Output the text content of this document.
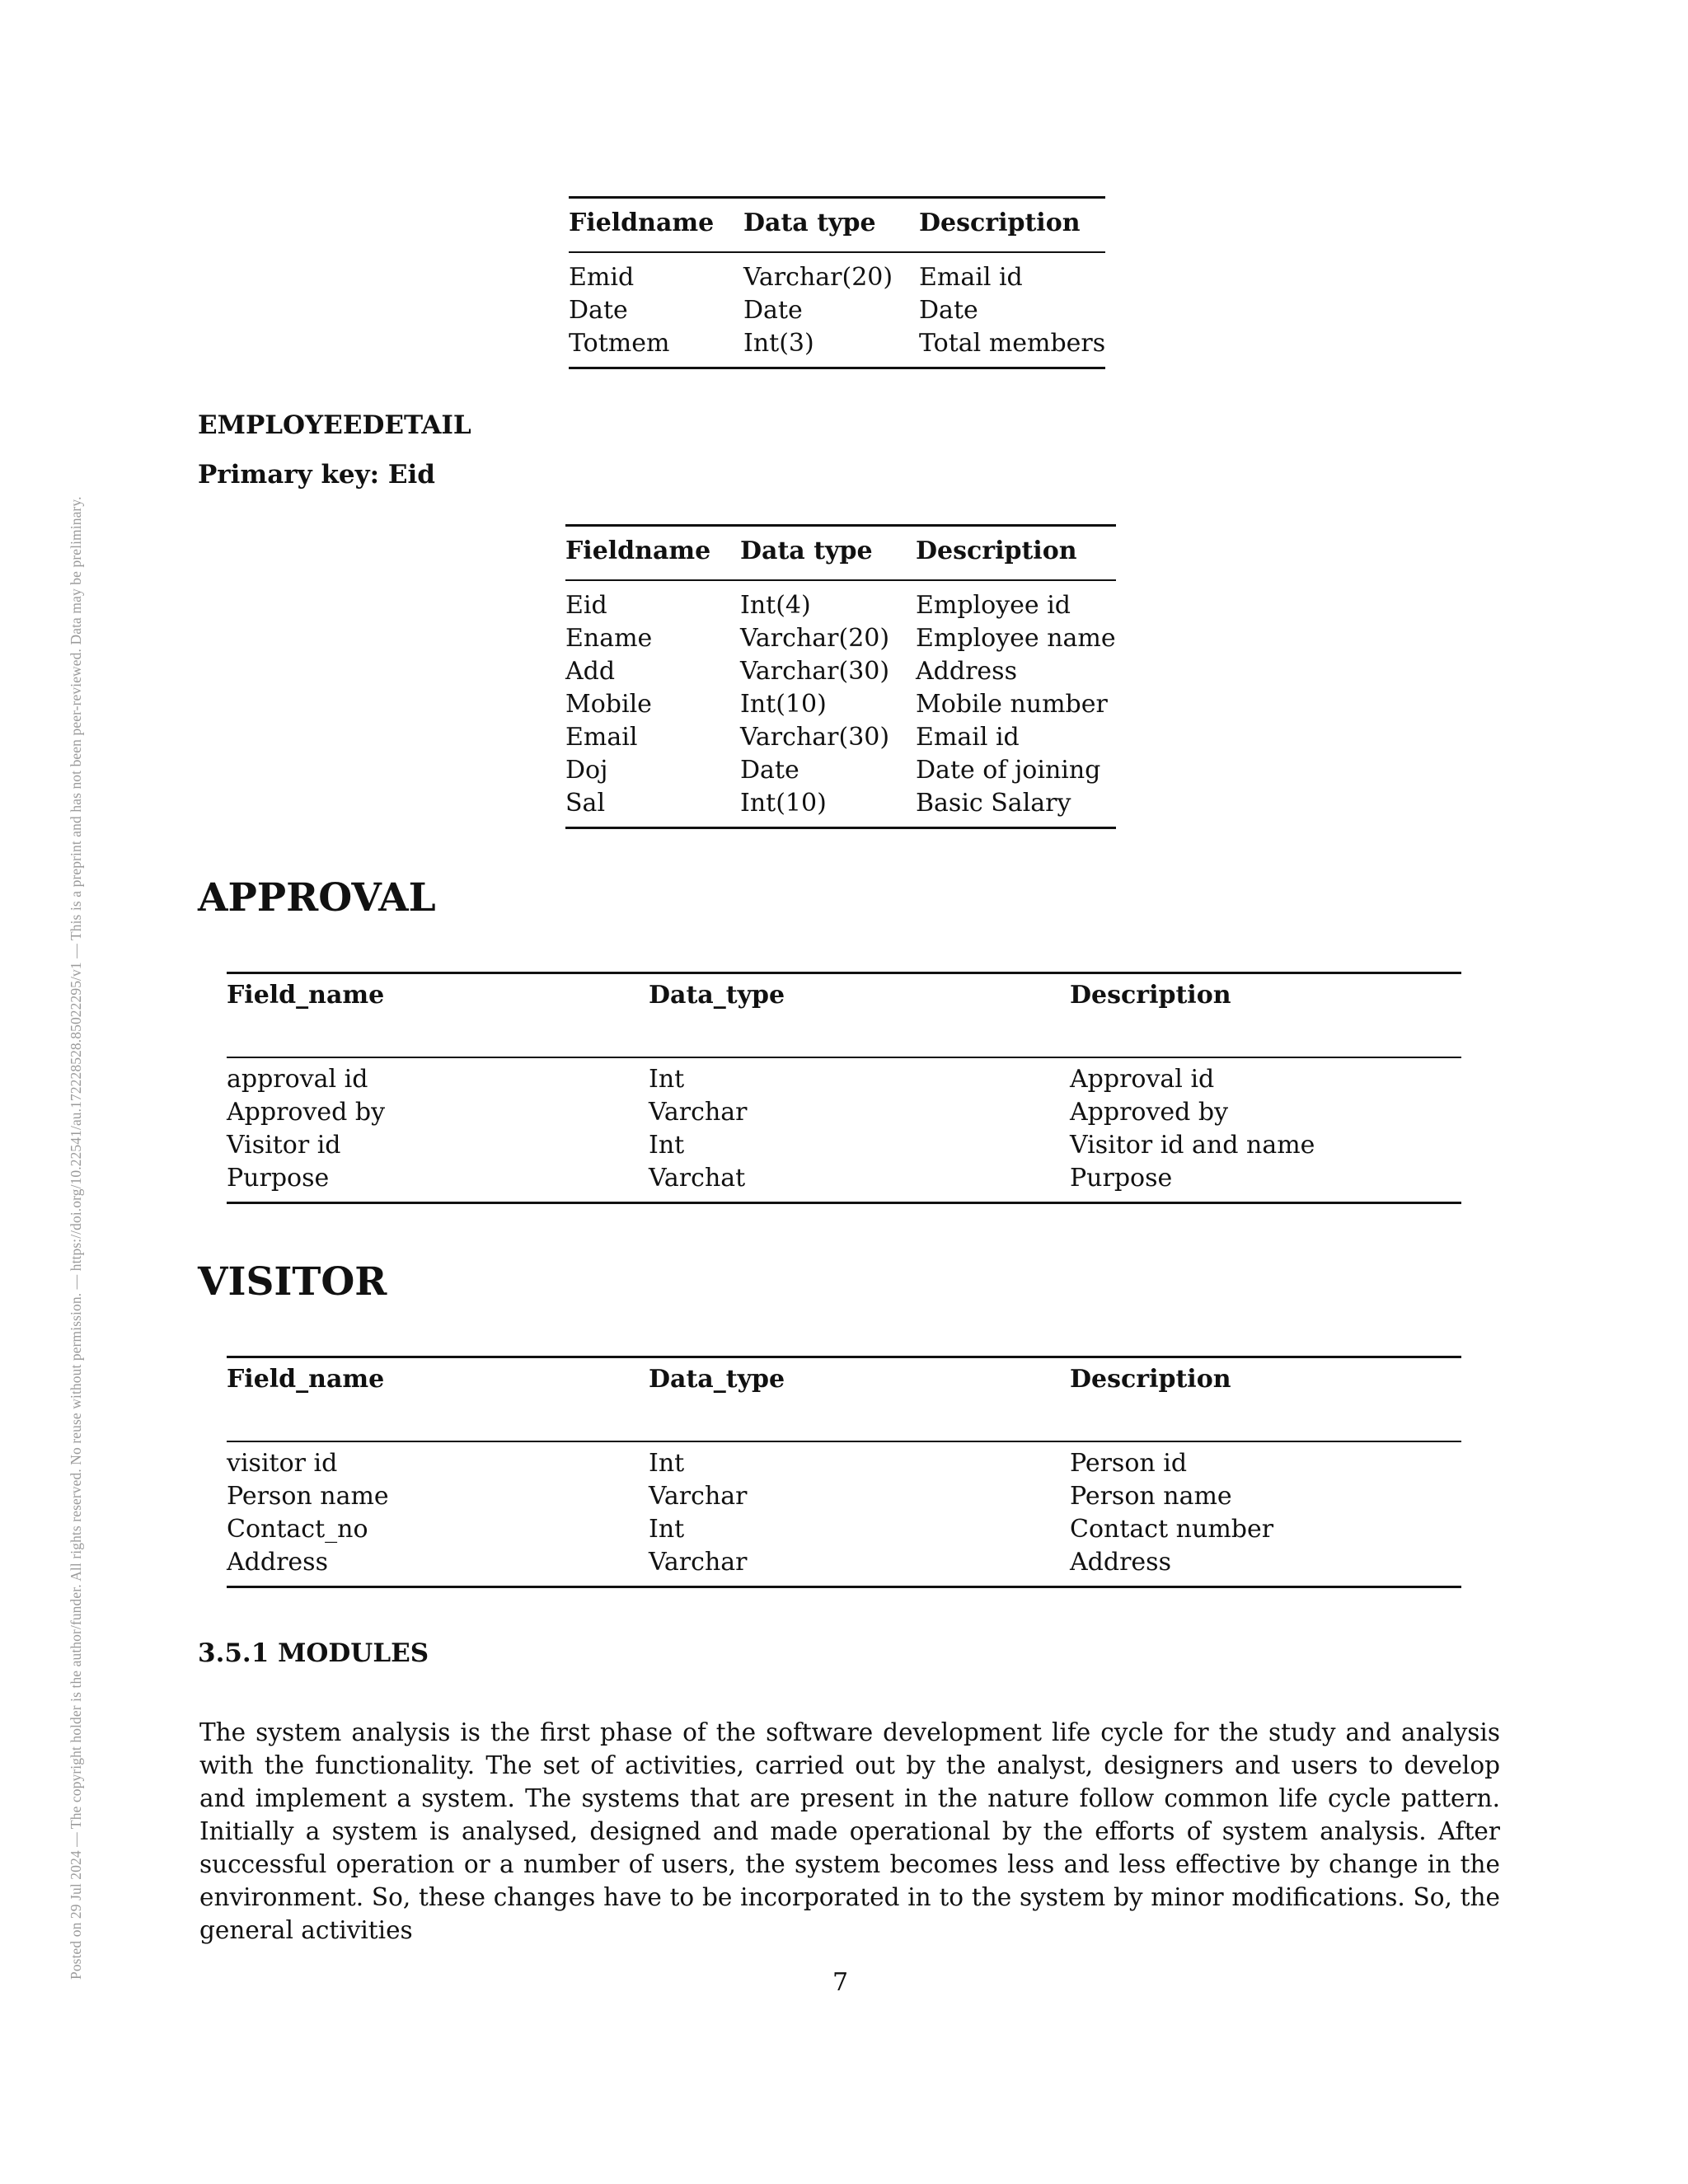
Posted on 29 Jul 2024 — The copyright holder is the author/funder. All rights reserved. No reuse without permission. — https://doi.org/10.22541/au.172228528.85022295/v1 — This is a preprint and has not been peer-reviewed. Data may be preliminary.
Fieldname	Data type	Description
Emid	Varchar(20)	Email id
Date	Date	Date
Totmem	Int(3)	Total members
EMPLOYEEDETAIL
Primary key: Eid
Fieldname	Data type	Description
Eid	Int(4)	Employee id
Ename	Varchar(20)	Employee name
Add	Varchar(30)	Address
Mobile	Int(10)	Mobile number
Email	Varchar(30)	Email id
Doj	Date	Date of joining
Sal	Int(10)	Basic Salary
APPROVAL
Field_name	Data_type	Description
approval id	Int	Approval id
Approved by	Varchar	Approved by
Visitor id	Int	Visitor id and name
Purpose	Varchat	Purpose
VISITOR
Field_name	Data_type	Description
visitor id	Int	Person id
Person name	Varchar	Person name
Contact_no	Int	Contact number
Address	Varchar	Address
3.5.1 MODULES
The system analysis is the first phase of the software development life cycle for the study and analysis with the functionality. The set of activities, carried out by the analyst, designers and users to develop and implement a system. The systems that are present in the nature follow common life cycle pattern. Initially a system is analysed, designed and made operational by the efforts of system analysis. After successful operation or a number of users, the system becomes less and less effective by change in the environment. So, these changes have to be incorporated in to the system by minor modifications. So, the general activities
7
